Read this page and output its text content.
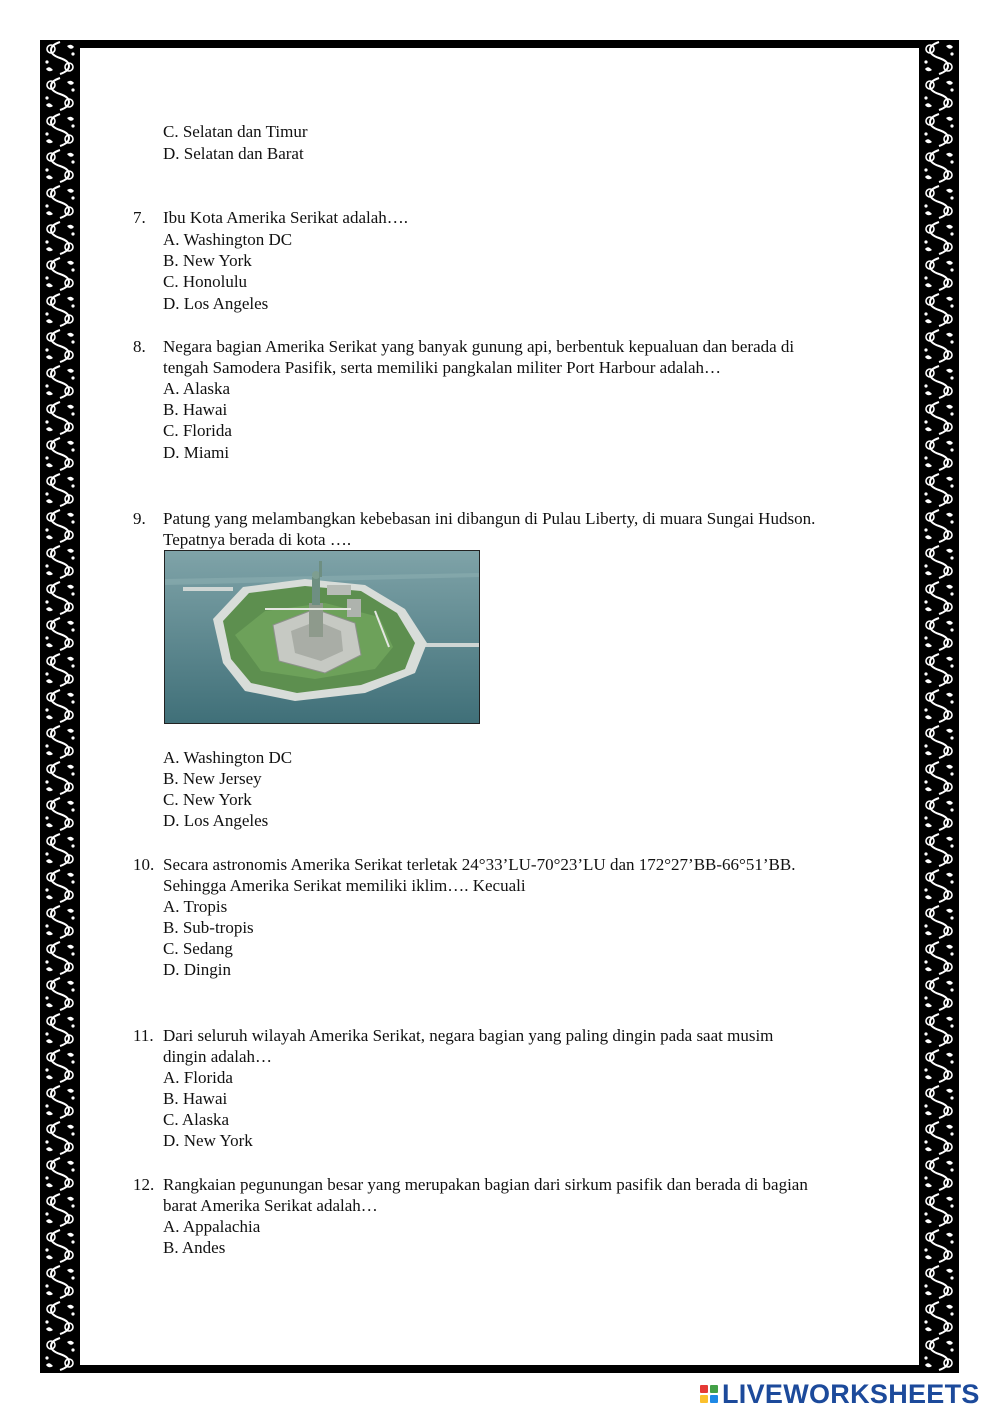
C. Selatan dan Timur
D. Selatan dan Barat
7. Ibu Kota Amerika Serikat adalah….
A. Washington DC
B. New York
C. Honolulu
D. Los Angeles
8. Negara bagian Amerika Serikat yang banyak gunung api, berbentuk kepualuan dan berada di
tengah Samodera Pasifik, serta memiliki pangkalan militer Port Harbour adalah…
A. Alaska
B. Hawai
C. Florida
D. Miami
9. Patung yang melambangkan kebebasan ini dibangun di Pulau Liberty, di muara Sungai Hudson.
Tepatnya berada di kota ….
A. Washington DC
B. New Jersey
C. New York
D. Los Angeles
10. Secara astronomis Amerika Serikat terletak 24°33’LU-70°23’LU dan 172°27’BB-66°51’BB.
Sehingga Amerika Serikat memiliki iklim…. Kecuali
A. Tropis
B. Sub-tropis
C. Sedang
D. Dingin
11. Dari seluruh wilayah Amerika Serikat, negara bagian yang paling dingin pada saat musim
dingin adalah…
A. Florida
B. Hawai
C. Alaska
D. New York
12. Rangkaian pegunungan besar yang merupakan bagian dari sirkum pasifik dan berada di bagian
barat Amerika Serikat adalah…
A. Appalachia
B. Andes
LIVEWORKSHEETS
